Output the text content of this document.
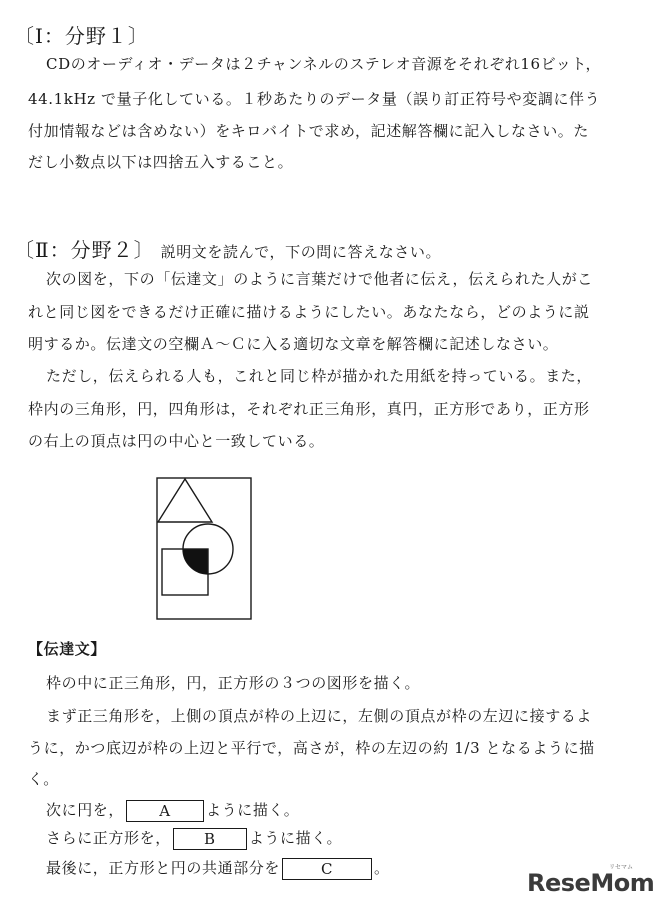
〔Ⅰ：分野１〕
CDのオーディオ・データは２チャンネルのステレオ音源をそれぞれ16ビット，
44.1kHz で量子化している。１秒あたりのデータ量（誤り訂正符号や変調に伴う
付加情報などは含めない）をキロバイトで求め，記述解答欄に記入しなさい。た
だし小数点以下は四捨五入すること。
〔Ⅱ：分野２〕 説明文を読んで，下の問に答えなさい。
次の図を，下の「伝達文」のように言葉だけで他者に伝え，伝えられた人がこ
れと同じ図をできるだけ正確に描けるようにしたい。あなたなら，どのように説
明するか。伝達文の空欄Ａ～Ｃに入る適切な文章を解答欄に記述しなさい。
ただし，伝えられる人も，これと同じ枠が描かれた用紙を持っている。また，
枠内の三角形，円，四角形は，それぞれ正三角形，真円，正方形であり，正方形
の右上の頂点は円の中心と一致している。
【伝達文】
枠の中に正三角形，円，正方形の３つの図形を描く。
まず正三角形を，上側の頂点が枠の上辺に，左側の頂点が枠の左辺に接するよ
うに，かつ底辺が枠の上辺と平行で，高さが，枠の左辺の約 1/3 となるように描
く。
次に円を， A ように描く。
さらに正方形を， B ように描く。
最後に，正方形と円の共通部分を	C	。
ReseMom
リセマム
